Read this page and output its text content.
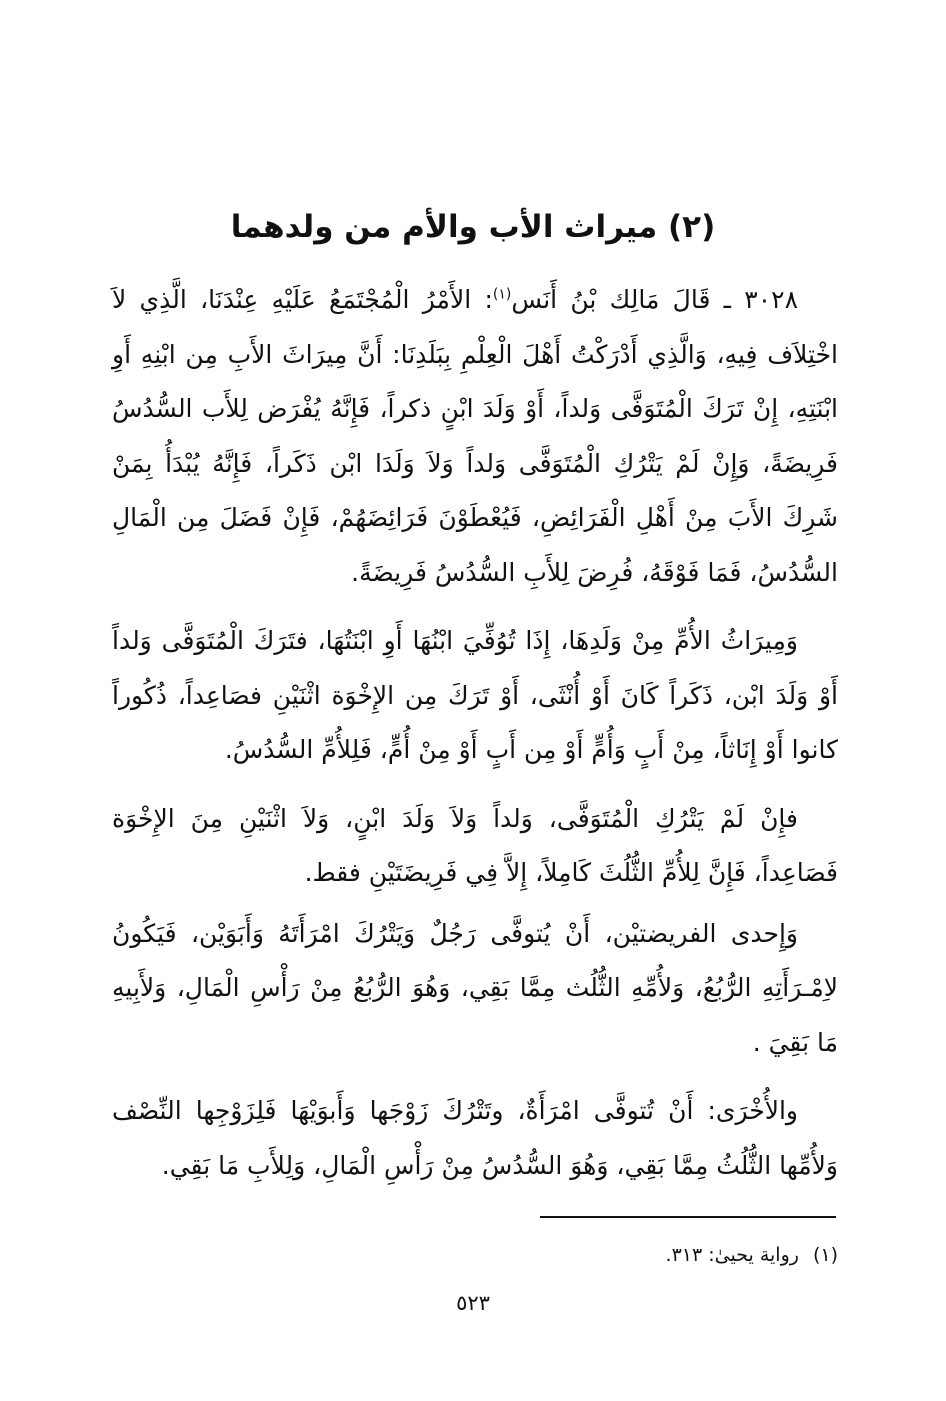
(٢) ميراث الأب والأم من ولدهما

٣٠٢٨ ـ قَالَ مَالِك بْنُ أَنَس$^{(١)}$: الأَمْرُ الْمُجْتَمَعُ عَلَيْهِ عِنْدَنَا، الَّذِي لاَ اخْتِلاَف فِيهِ، وَالَّذِي أَدْرَكْتُ أَهْلَ الْعِلْمِ بِبَلَدِنَا: أَنَّ مِيرَاثَ الأَبِ مِن ابْنِهِ أَوِ ابْنَتِهِ، إِنْ تَرَكَ الْمُتَوَفَّى وَلداً، أَوْ وَلَدَ ابْنٍ ذكراً، فَإِنَّهُ يُفْرَض لِلأَب السُّدُسُ فَرِيضَةً، وَإِنْ لَمْ يَتْرُكِ الْمُتَوَفَّى وَلداً وَلاَ وَلَدَا ابْن ذَكَراً، فَإِنَّهُ يُبْدَأُ بِمَنْ شَرِكَ الأَبَ مِنْ أَهْلِ الْفَرَائِضِ، فَيُعْطَوْنَ فَرَائِضَهُمْ، فَإِنْ فَضَلَ مِن الْمَالِ السُّدُسُ، فَمَا فَوْقَهُ، فُرِضَ لِلأَبِ السُّدُسُ فَرِيضَةً.

وَمِيرَاثُ الأُمِّ مِنْ وَلَدِهَا، إِذَا تُوُفِّيَ ابْنُهَا أَوِ ابْنَتُهَا، فتَرَكَ الْمُتَوَفَّى وَلداً أَوْ وَلَدَ ابْن، ذَكَراً كَانَ أَوْ أُنْثَى، أَوْ تَرَكَ مِن الإِخْوَة اثْنَيْنِ فصَاعِداً، ذُكُوراً كانوا أَوْ إِنَاثاً، مِنْ أَبٍ وَأُمٍّ أَوْ مِن أَبٍ أَوْ مِنْ أُمٍّ، فَلِلأُمِّ السُّدُسُ.

فإِنْ لَمْ يَتْرُكِ الْمُتَوَفَّى، وَلداً وَلاَ وَلَدَ ابْنٍ، وَلاَ اثْنَيْنِ مِنَ الإِخْوَة فَصَاعِداً، فَإِنَّ لِلأُمِّ الثُّلُثَ كَامِلاً، إِلاَّ فِي فَرِيضَتَيْنِ فقط.

وَإِحدى الفريضتيْن، أَنْ يُتوفَّى رَجُلٌ وَيَتْرُكَ امْرَأَتَهُ وَأَبَوَيْن، فَيَكُونُ لاِمْـرَأَتِهِ الرُّبُعُ، وَلأُمِّهِ الثُّلُث مِمَّا بَقِي، وَهُوَ الرُّبُعُ مِنْ رَأْسِ الْمَالِ، وَلأَبِيهِ مَا بَقِيَ .

والأُخْرَى: أَنْ تُتوفَّى امْرَأَةٌ، وتَتْرُكَ زَوْجَها وَأَبوَيْهَا فَلِزَوْجِها النِّصْف وَلأُمِّها الثُّلُثُ مِمَّا بَقِي، وَهُوَ السُّدُسُ مِنْ رَأْسِ الْمَالِ، وَلِلأَبِ مَا بَقِي.

(١)رواية يحيىٰ: ٣١٣.
٥٢٣
